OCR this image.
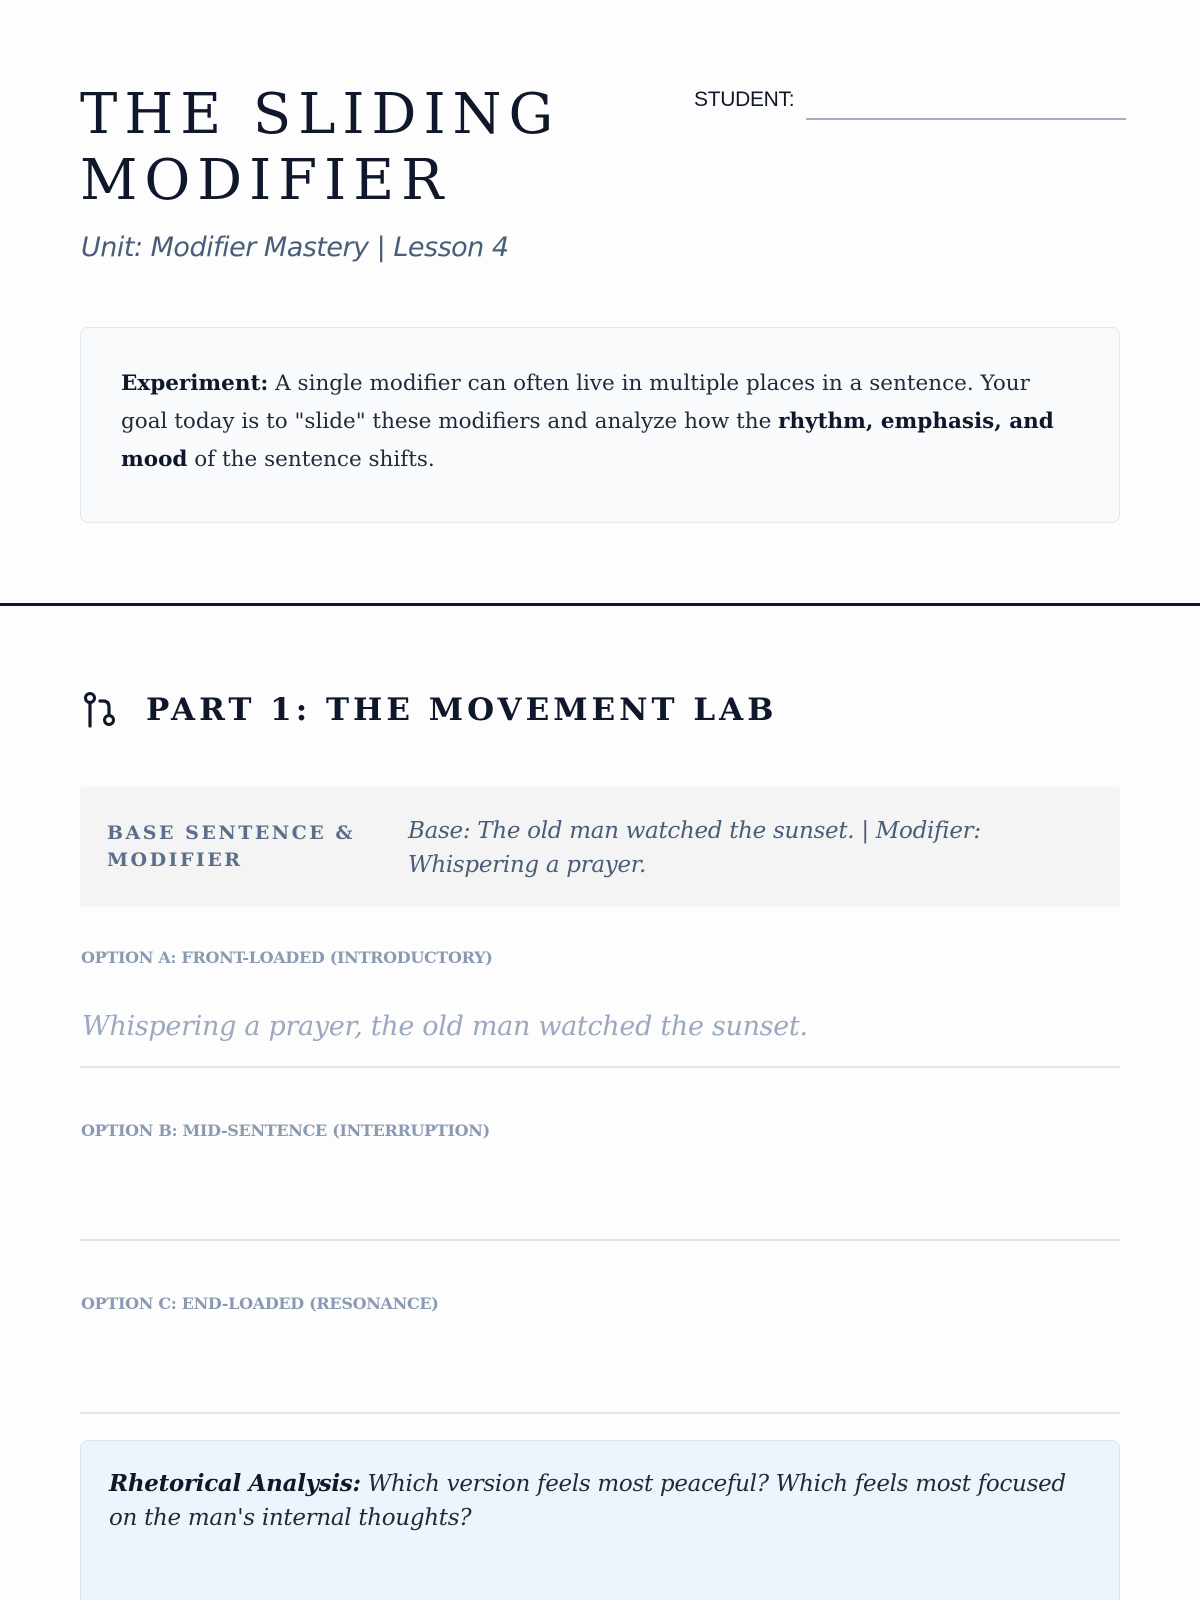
THE SLIDING MODIFIER
Unit: Modifier Mastery | Lesson 4
STUDENT:
Experiment: A single modifier can often live in multiple places in a sentence. Your goal today is to "slide" these modifiers and analyze how the rhythm, emphasis, and mood of the sentence shifts.
PART 1: THE MOVEMENT LAB
BASE SENTENCE & MODIFIER
Base: The old man watched the sunset. | Modifier: Whispering a prayer.
OPTION A: FRONT-LOADED (INTRODUCTORY)
Whispering a prayer, the old man watched the sunset.
OPTION B: MID-SENTENCE (INTERRUPTION)
OPTION C: END-LOADED (RESONANCE)
Rhetorical Analysis: Which version feels most peaceful? Which feels most focused on the man's internal thoughts?
